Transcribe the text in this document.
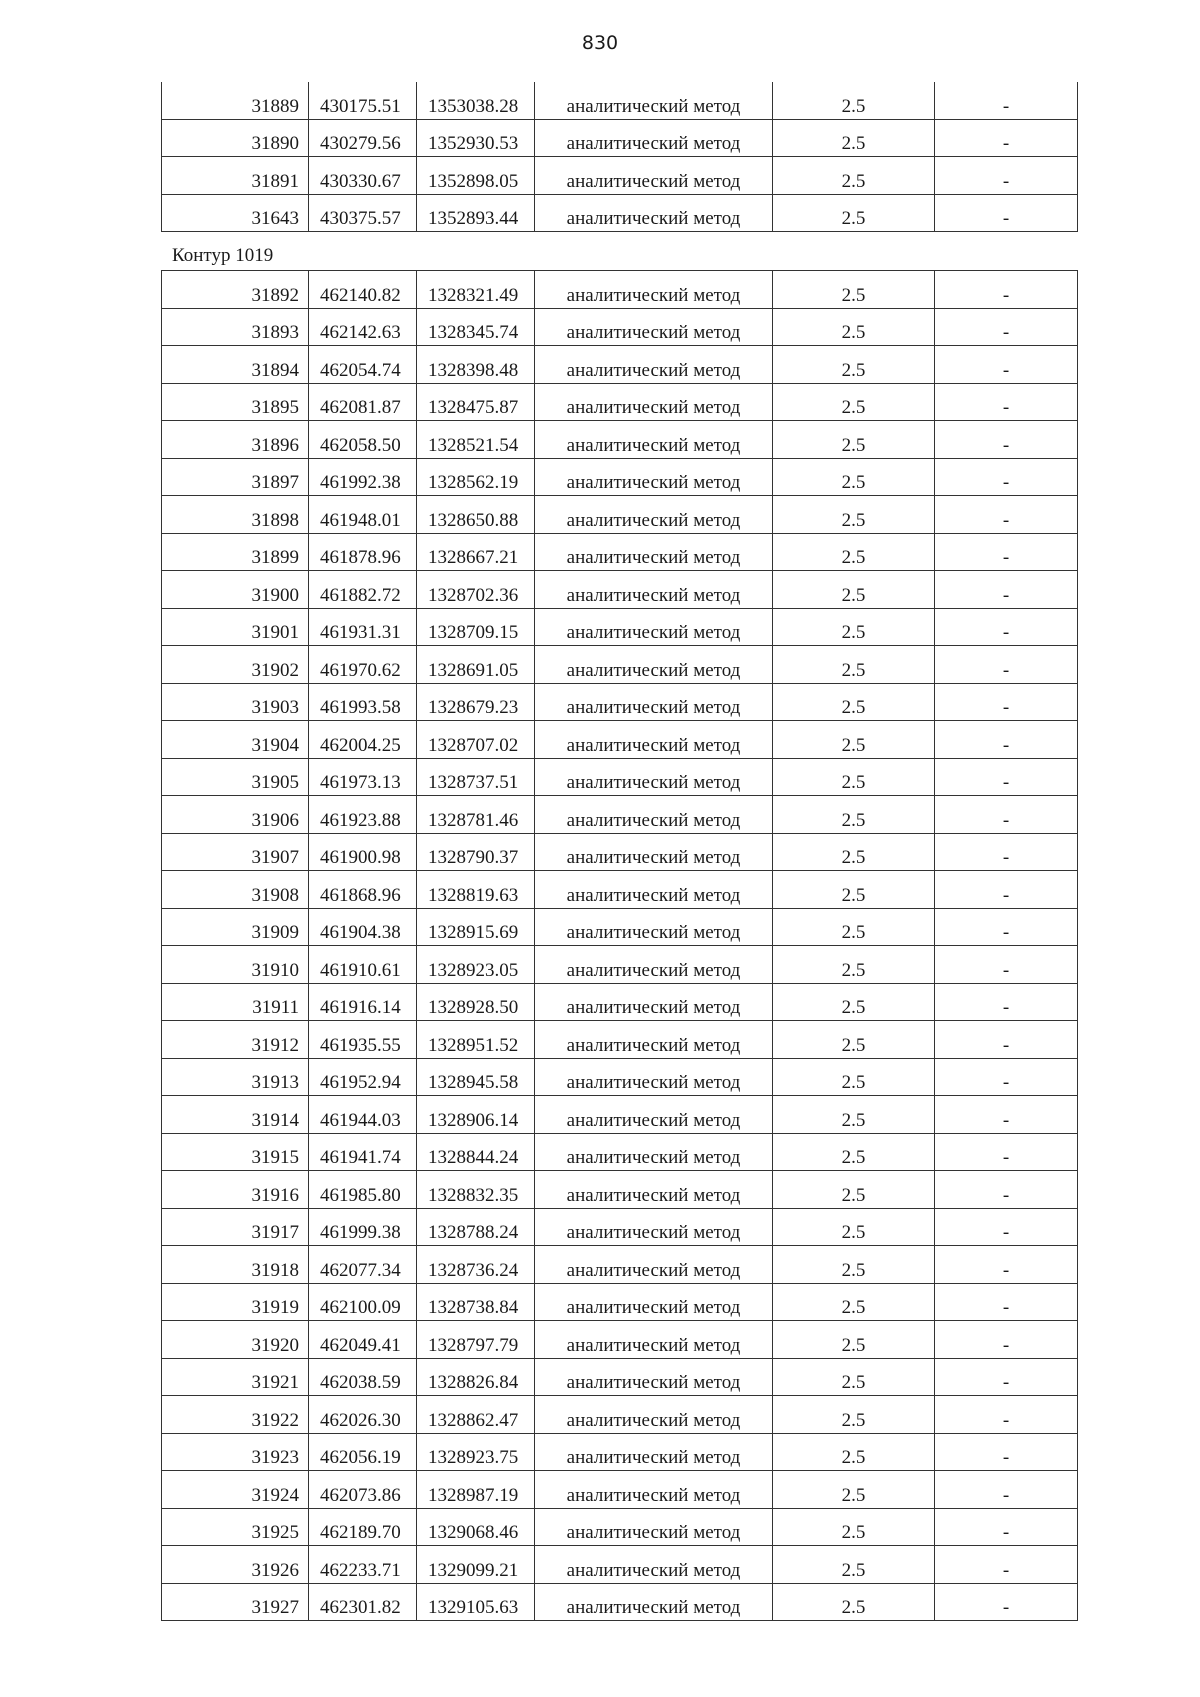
830
31889	430175.51	1353038.28	аналитический метод	2.5	-
31890	430279.56	1352930.53	аналитический метод	2.5	-
31891	430330.67	1352898.05	аналитический метод	2.5	-
31643	430375.57	1352893.44	аналитический метод	2.5	-
Контур 1019
31892	462140.82	1328321.49	аналитический метод	2.5	-
31893	462142.63	1328345.74	аналитический метод	2.5	-
31894	462054.74	1328398.48	аналитический метод	2.5	-
31895	462081.87	1328475.87	аналитический метод	2.5	-
31896	462058.50	1328521.54	аналитический метод	2.5	-
31897	461992.38	1328562.19	аналитический метод	2.5	-
31898	461948.01	1328650.88	аналитический метод	2.5	-
31899	461878.96	1328667.21	аналитический метод	2.5	-
31900	461882.72	1328702.36	аналитический метод	2.5	-
31901	461931.31	1328709.15	аналитический метод	2.5	-
31902	461970.62	1328691.05	аналитический метод	2.5	-
31903	461993.58	1328679.23	аналитический метод	2.5	-
31904	462004.25	1328707.02	аналитический метод	2.5	-
31905	461973.13	1328737.51	аналитический метод	2.5	-
31906	461923.88	1328781.46	аналитический метод	2.5	-
31907	461900.98	1328790.37	аналитический метод	2.5	-
31908	461868.96	1328819.63	аналитический метод	2.5	-
31909	461904.38	1328915.69	аналитический метод	2.5	-
31910	461910.61	1328923.05	аналитический метод	2.5	-
31911	461916.14	1328928.50	аналитический метод	2.5	-
31912	461935.55	1328951.52	аналитический метод	2.5	-
31913	461952.94	1328945.58	аналитический метод	2.5	-
31914	461944.03	1328906.14	аналитический метод	2.5	-
31915	461941.74	1328844.24	аналитический метод	2.5	-
31916	461985.80	1328832.35	аналитический метод	2.5	-
31917	461999.38	1328788.24	аналитический метод	2.5	-
31918	462077.34	1328736.24	аналитический метод	2.5	-
31919	462100.09	1328738.84	аналитический метод	2.5	-
31920	462049.41	1328797.79	аналитический метод	2.5	-
31921	462038.59	1328826.84	аналитический метод	2.5	-
31922	462026.30	1328862.47	аналитический метод	2.5	-
31923	462056.19	1328923.75	аналитический метод	2.5	-
31924	462073.86	1328987.19	аналитический метод	2.5	-
31925	462189.70	1329068.46	аналитический метод	2.5	-
31926	462233.71	1329099.21	аналитический метод	2.5	-
31927	462301.82	1329105.63	аналитический метод	2.5	-
